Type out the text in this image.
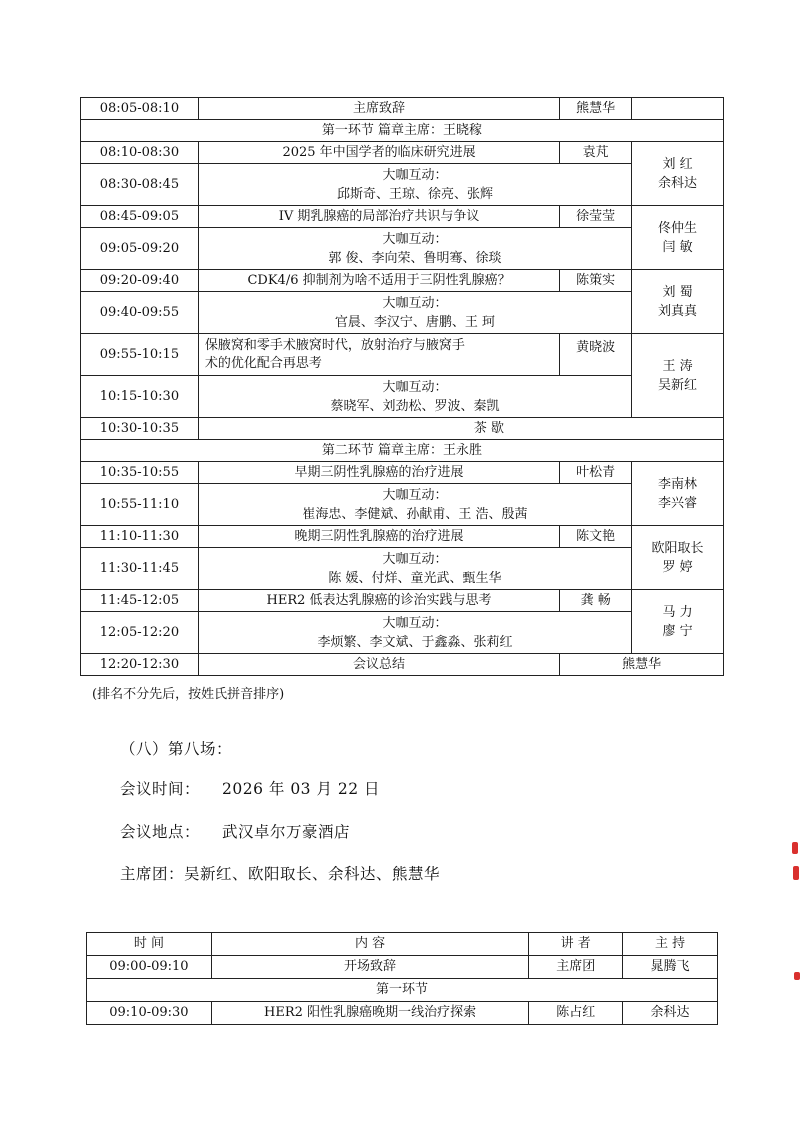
08:05-08:10	主席致辞	熊慧华	
第一环节 篇章主席：王晓稼			
08:10-08:30	2025 年中国学者的临床研究进展	袁芃	刘 红
余科达

08:30-08:45	大咖互动：
邱斯奇、王琼、徐亮、张辉		

08:45-09:05	IV 期乳腺癌的局部治疗共识与争议	徐莹莹	佟仲生
闫 敏

09:05-09:20	大咖互动：
郭 俊、李向荣、鲁明骞、徐琰		

09:20-09:40	CDK4/6 抑制剂为啥不适用于三阴性乳腺癌？	陈策实	刘 蜀
刘真真

09:40-09:55	大咖互动：
官晨、李汉宁、唐鹏、王 珂		

09:55-10:15	保腋窝和零手术腋窝时代，放射治疗与腋窝手
术的优化配合再思考	黄晓波	王 涛
吴新红

10:15-10:30	大咖互动：
蔡晓军、刘劲松、罗波、秦凯		

10:30-10:35	茶 歇		
第二环节 篇章主席：王永胜			
10:35-10:55	早期三阴性乳腺癌的治疗进展	叶松青	李南林
李兴睿

10:55-11:10	大咖互动：
崔海忠、李健斌、孙献甫、王 浩、殷茜		

11:10-11:30	晚期三阴性乳腺癌的治疗进展	陈文艳	欧阳取长
罗 婷

11:30-11:45	大咖互动：
陈 媛、付烊、童光武、甄生华		

11:45-12:05	HER2 低表达乳腺癌的诊治实践与思考	龚 畅	马 力
廖 宁

12:05-12:20	大咖互动：
李烦繁、李文斌、于鑫淼、张莉红		

12:20-12:30	会议总结	熊慧华	
(排名不分先后，按姓氏拼音排序)
（八）第八场：
会议时间： 2026 年 03 月 22 日
会议地点： 武汉卓尔万豪酒店
主席团：吴新红、欧阳取长、余科达、熊慧华
时 间	内 容	讲 者	主 持
09:00-09:10	开场致辞	主席团	晁腾飞
第一环节			
09:10-09:30	HER2 阳性乳腺癌晚期一线治疗探索	陈占红	余科达
